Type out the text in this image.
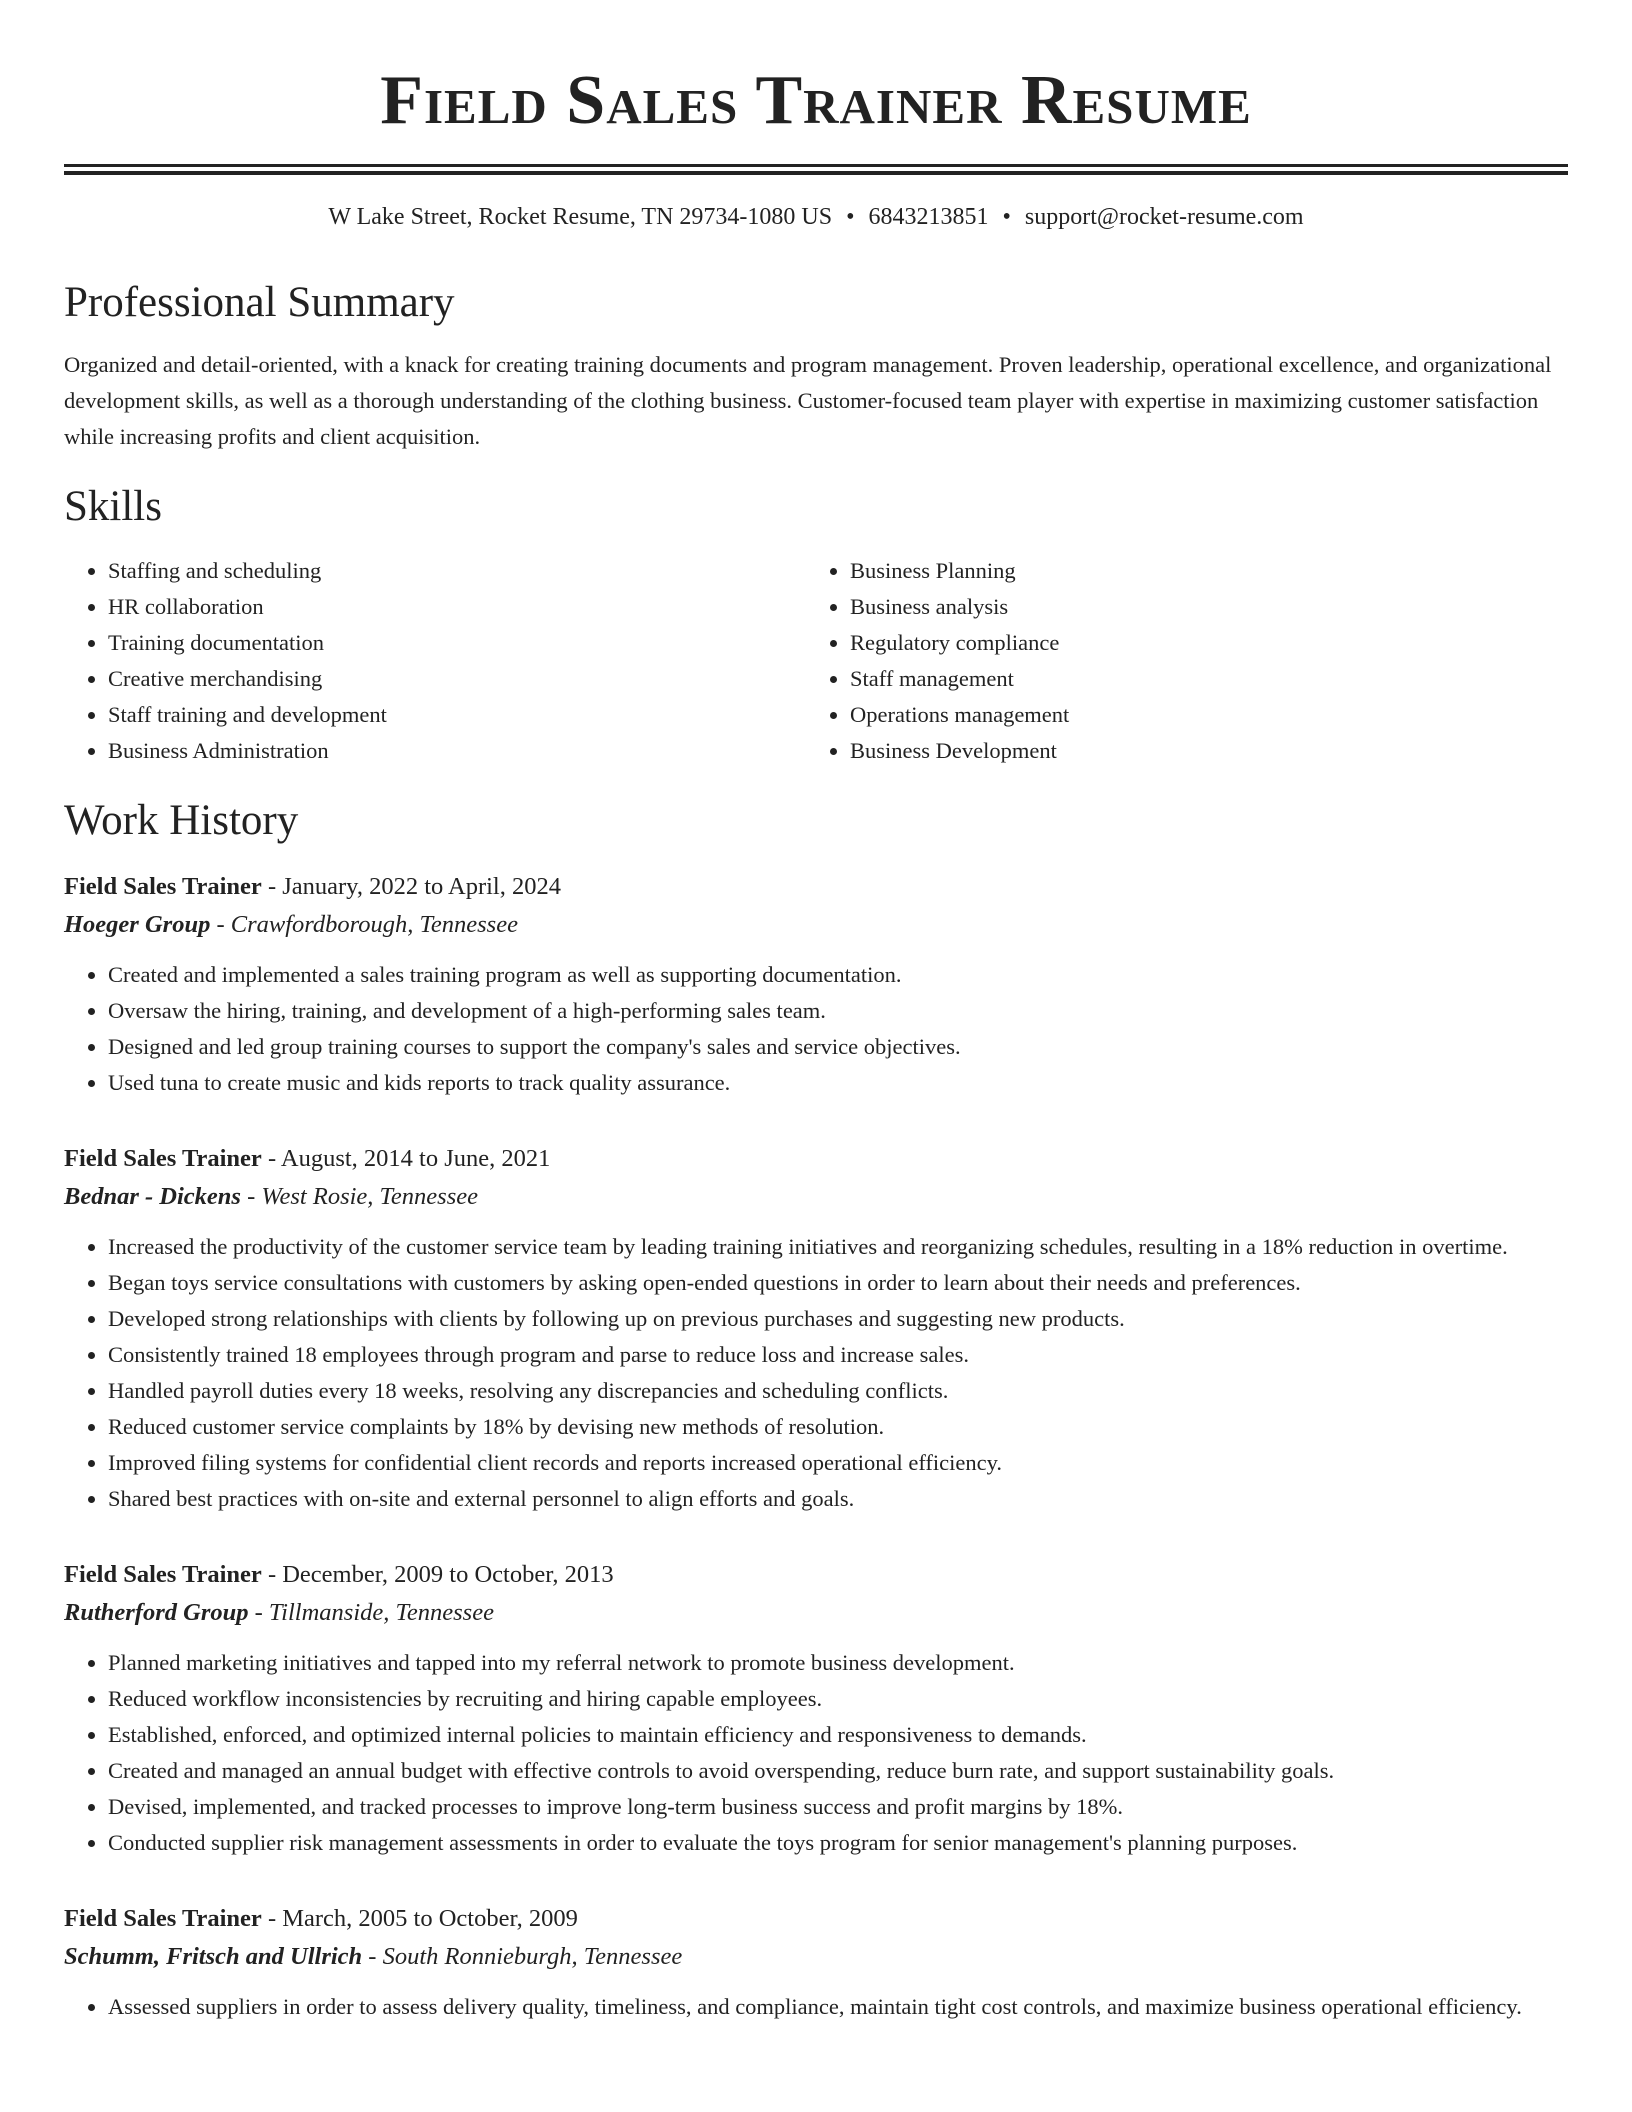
Field Sales Trainer Resume
W Lake Street, Rocket Resume, TN 29734-1080 US • 6843213851 • support@rocket-resume.com
Professional Summary

Organized and detail-oriented, with a knack for creating training documents and program management. Proven leadership, operational excellence, and organizational development skills, as well as a thorough understanding of the clothing business. Customer-focused team player with expertise in maximizing customer satisfaction while increasing profits and client acquisition.

Skills
• Staffing and scheduling
• HR collaboration
• Training documentation
• Creative merchandising
• Staff training and development
• Business Administration
• Business Planning
• Business analysis
• Regulatory compliance
• Staff management
• Operations management
• Business Development
Work History
Field Sales Trainer - January, 2022 to April, 2024
Hoeger Group - Crawfordborough, Tennessee
• Created and implemented a sales training program as well as supporting documentation.
• Oversaw the hiring, training, and development of a high-performing sales team.
• Designed and led group training courses to support the company's sales and service objectives.
• Used tuna to create music and kids reports to track quality assurance.
Field Sales Trainer - August, 2014 to June, 2021
Bednar - Dickens - West Rosie, Tennessee
• Increased the productivity of the customer service team by leading training initiatives and reorganizing schedules, resulting in a 18% reduction in overtime.
• Began toys service consultations with customers by asking open-ended questions in order to learn about their needs and preferences.
• Developed strong relationships with clients by following up on previous purchases and suggesting new products.
• Consistently trained 18 employees through program and parse to reduce loss and increase sales.
• Handled payroll duties every 18 weeks, resolving any discrepancies and scheduling conflicts.
• Reduced customer service complaints by 18% by devising new methods of resolution.
• Improved filing systems for confidential client records and reports increased operational efficiency.
• Shared best practices with on-site and external personnel to align efforts and goals.
Field Sales Trainer - December, 2009 to October, 2013
Rutherford Group - Tillmanside, Tennessee
• Planned marketing initiatives and tapped into my referral network to promote business development.
• Reduced workflow inconsistencies by recruiting and hiring capable employees.
• Established, enforced, and optimized internal policies to maintain efficiency and responsiveness to demands.
• Created and managed an annual budget with effective controls to avoid overspending, reduce burn rate, and support sustainability goals.
• Devised, implemented, and tracked processes to improve long-term business success and profit margins by 18%.
• Conducted supplier risk management assessments in order to evaluate the toys program for senior management's planning purposes.
Field Sales Trainer - March, 2005 to October, 2009
Schumm, Fritsch and Ullrich - South Ronnieburgh, Tennessee
• Assessed suppliers in order to assess delivery quality, timeliness, and compliance, maintain tight cost controls, and maximize business operational efficiency.
